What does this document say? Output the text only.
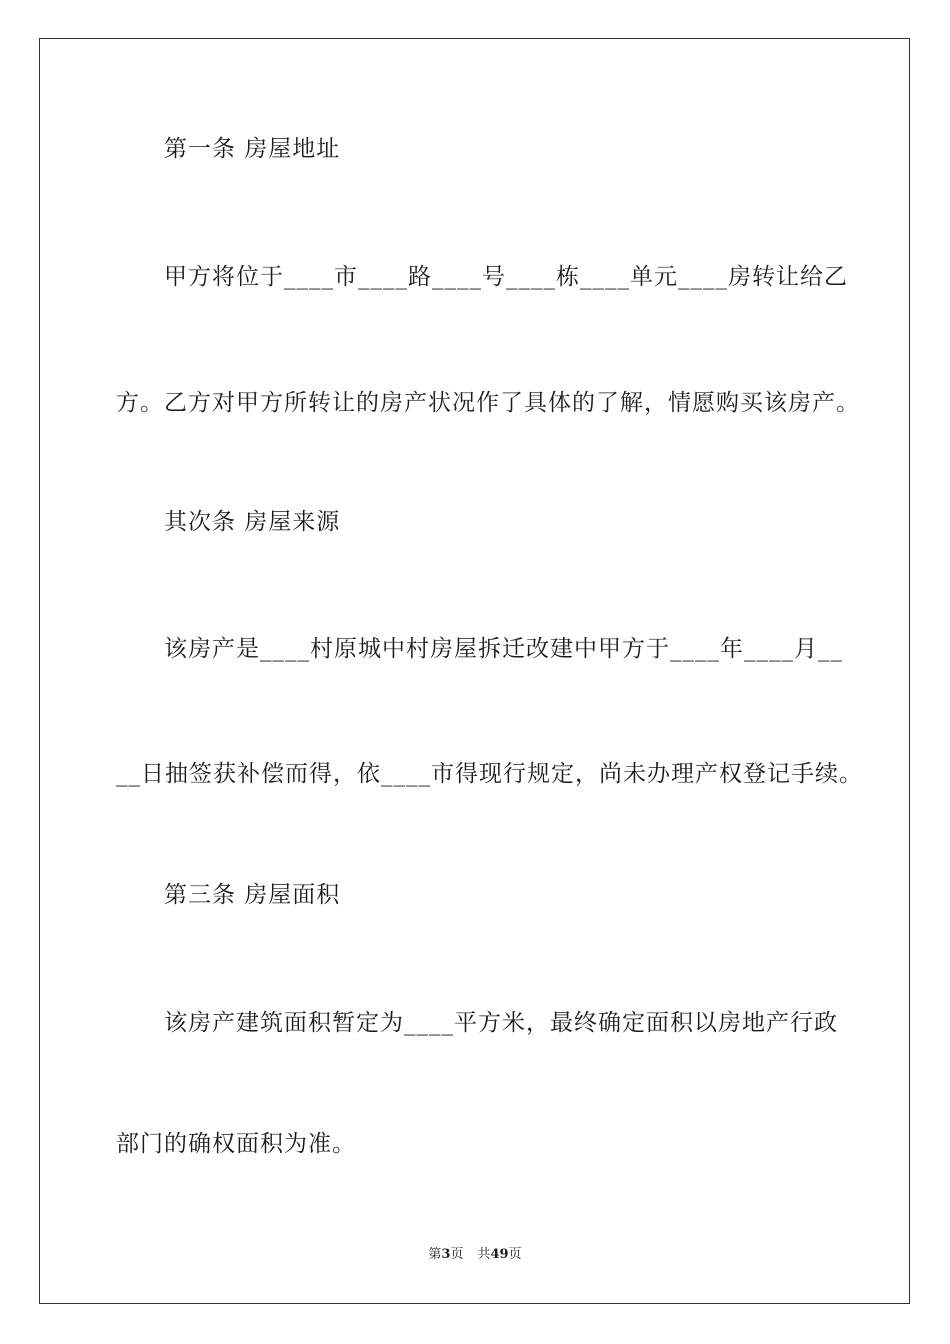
第一条 房屋地址
甲方将位于____市____路____号____栋____单元____房转让给乙
方。乙方对甲方所转让的房产状况作了具体的了解，情愿购买该房产。
其次条 房屋来源
该房产是____村原城中村房屋拆迁改建中甲方于____年____月__
__日抽签获补偿而得，依____市得现行规定，尚未办理产权登记手续。
第三条 房屋面积
该房产建筑面积暂定为____平方米，最终确定面积以房地产行政
部门的确权面积为准。
第3页 共49页
